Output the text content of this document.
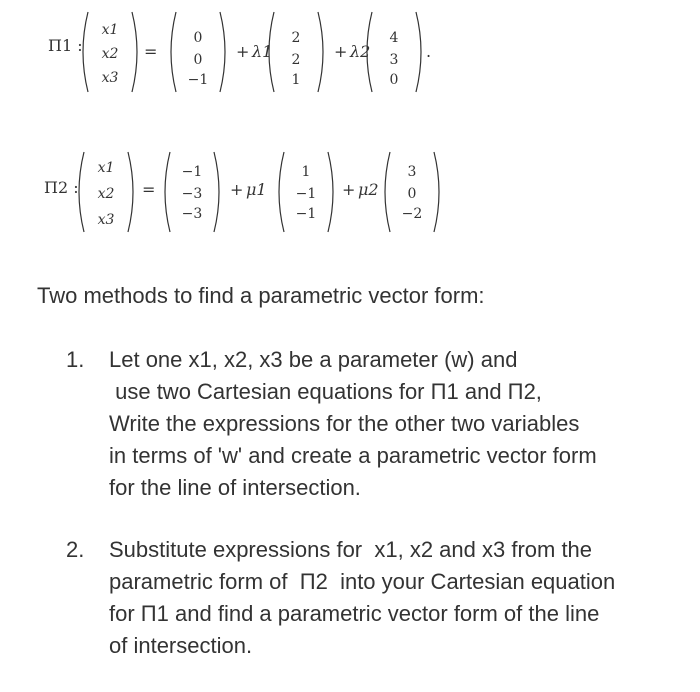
Π1 :
x1
x2
x3
=
0
0
−1
+ λ1
2
2
1
+ λ2
4
3
0
.
Π2 :
x1
x2
x3
=
−1
−3
−3
+ μ1
1
−1
−1
+ μ2
3
0
−2
Two methods to find a parametric vector form:
1.	Let one x1, x2, x3 be a parameter (w) and
use two Cartesian equations for Π1 and Π2,
Write the expressions for the other two variables
in terms of 'w' and create a parametric vector form
for the line of intersection.
2.	Substitute expressions for  x1, x2 and x3 from the
parametric form of  Π2  into your Cartesian equation
for Π1 and find a parametric vector form of the line
of intersection.
